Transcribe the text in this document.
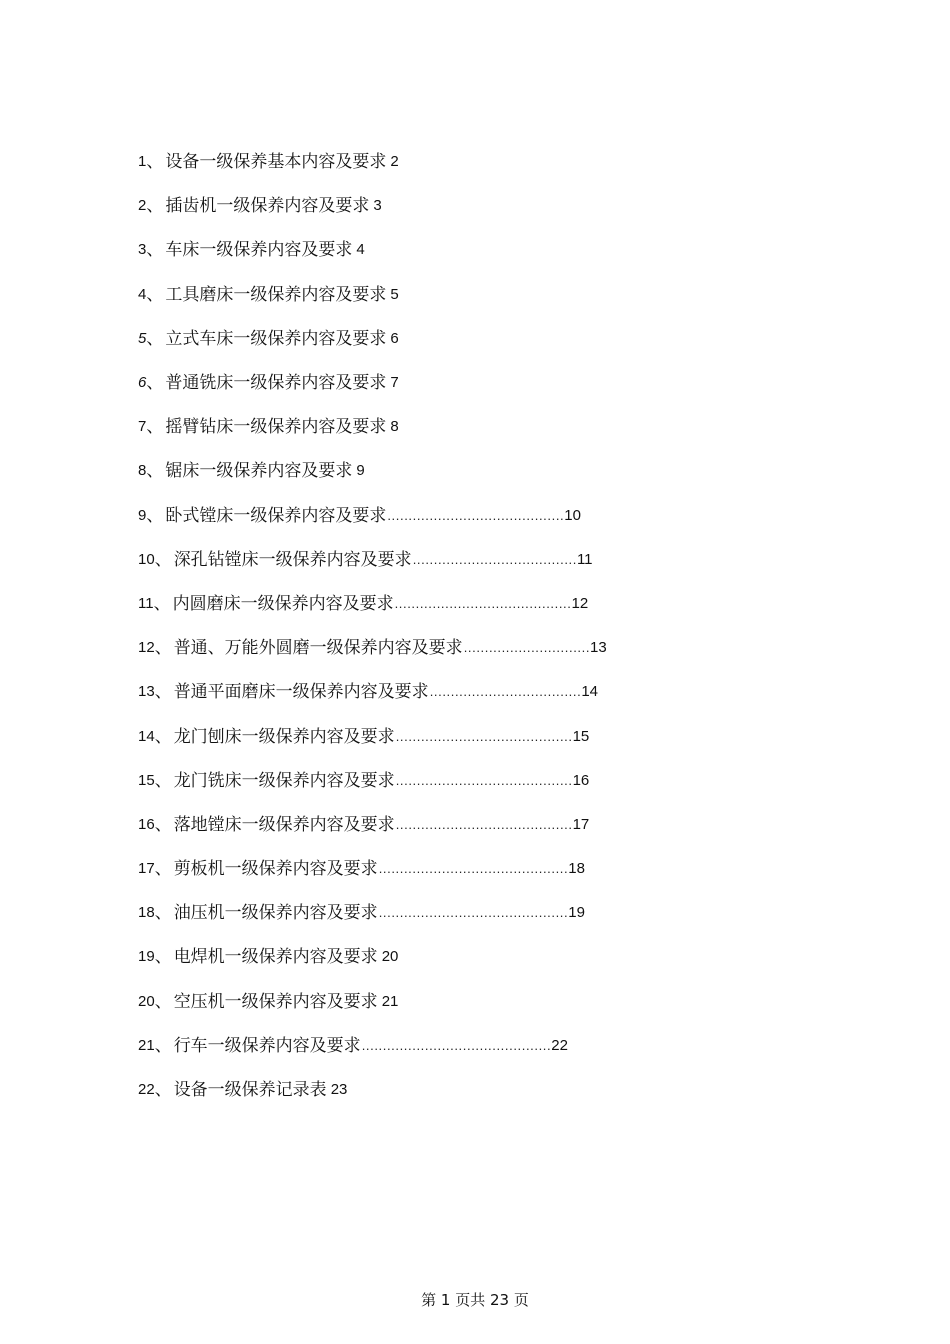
1 、 设备一级保养基本内容及要求 2
2 、 插齿机一级保养内容及要求 3
3 、 车床一级保养内容及要求 4
4 、 工具磨床一级保养内容及要求 5
5 、 立式车床一级保养内容及要求 6
6 、 普通铣床一级保养内容及要求 7
7 、 摇臂钻床一级保养内容及要求 8
8 、 锯床一级保养内容及要求 9
9 、 卧式镗床一级保养内容及要求 .......................................... 10
10 、 深孔钻镗床一级保养内容及要求 ....................................... 11
11 、 内圆磨床一级保养内容及要求 .......................................... 12
12 、 普通、万能外圆磨一级保养内容及要求 .............................. 13
13 、 普通平面磨床一级保养内容及要求 .................................... 14
14 、 龙门刨床一级保养内容及要求 .......................................... 15
15 、 龙门铣床一级保养内容及要求 .......................................... 16
16 、 落地镗床一级保养内容及要求 .......................................... 17
17 、 剪板机一级保养内容及要求 ............................................. 18
18 、 油压机一级保养内容及要求 ............................................. 19
19 、 电焊机一级保养内容及要求 20
20 、 空压机一级保养内容及要求 21
21 、 行车一级保养内容及要求 ............................................. 22
22 、 设备一级保养记录表 23
第 1 页共 23 页
